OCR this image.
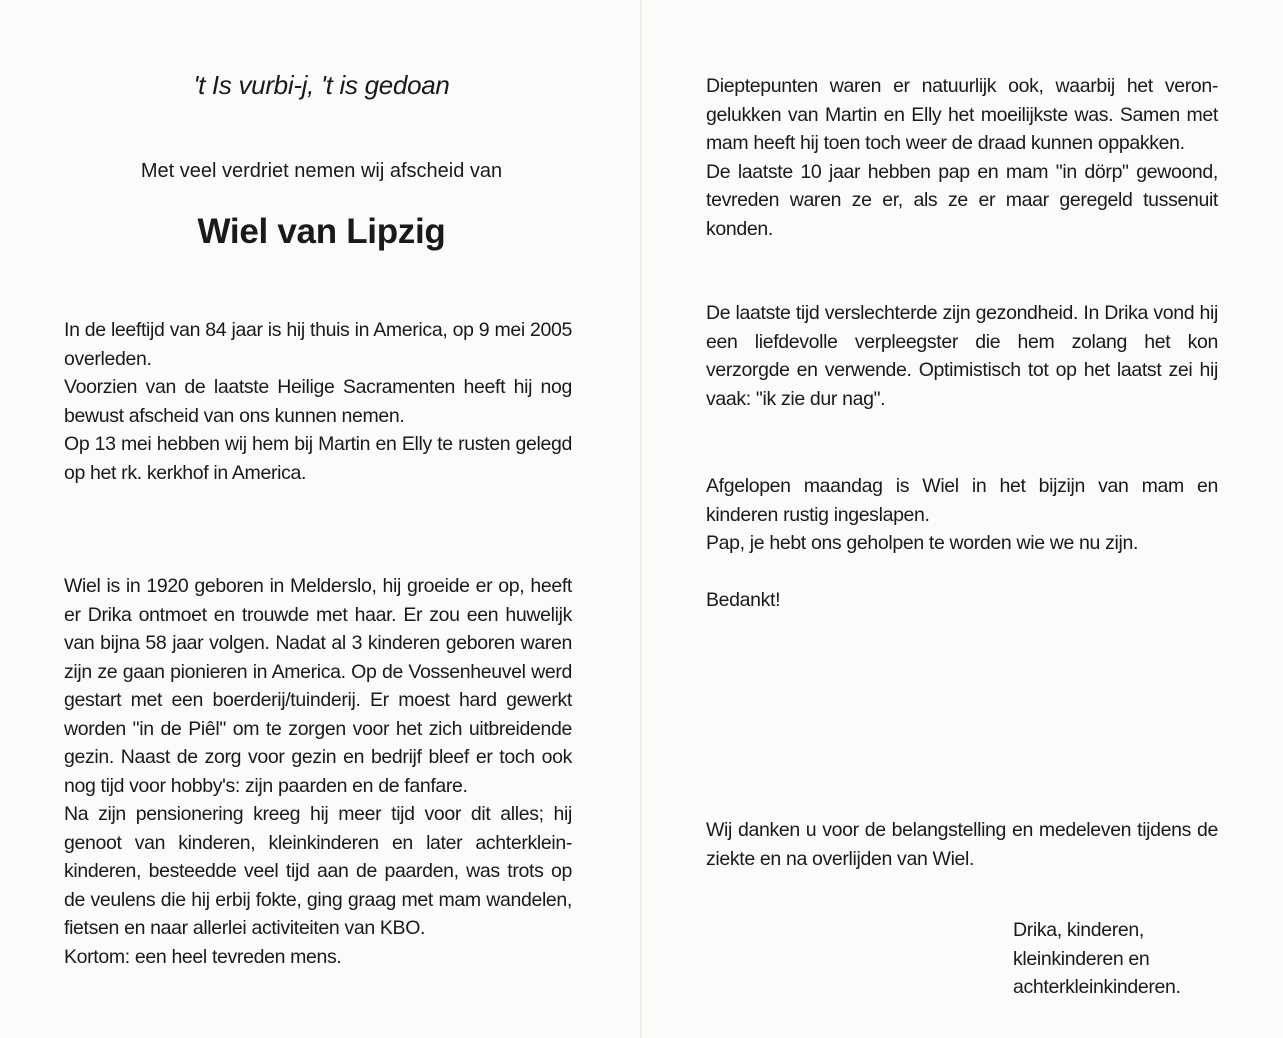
't Is vurbi-j, 't is gedoan
Met veel verdriet nemen wij afscheid van
Wiel van Lipzig
In de leeftijd van 84 jaar is hij thuis in America, op 9 mei 2005 overleden.
Voorzien van de laatste Heilige Sacramenten heeft hij nog bewust afscheid van ons kunnen nemen.
Op 13 mei hebben wij hem bij Martin en Elly te rusten gelegd op het rk. kerkhof in America.
Wiel is in 1920 geboren in Melderslo, hij groeide er op, heeft er Drika ontmoet en trouwde met haar. Er zou een huwelijk van bijna 58 jaar volgen. Nadat al 3 kinderen geboren waren zijn ze gaan pionieren in America. Op de Vossenheuvel werd gestart met een boerderij/tuinderij. Er moest hard gewerkt worden "in de Piêl" om te zorgen voor het zich uitbreidende gezin. Naast de zorg voor gezin en bedrijf bleef er toch ook nog tijd voor hobby's: zijn paarden en de fanfare.
Na zijn pensionering kreeg hij meer tijd voor dit alles; hij genoot van kinderen, kleinkinderen en later achterklein-kinderen, besteedde veel tijd aan de paarden, was trots op de veulens die hij erbij fokte, ging graag met mam wandelen, fietsen en naar allerlei activiteiten van KBO.
Kortom: een heel tevreden mens.
Dieptepunten waren er natuurlijk ook, waarbij het veron-gelukken van Martin en Elly het moeilijkste was. Samen met mam heeft hij toen toch weer de draad kunnen oppakken.
De laatste 10 jaar hebben pap en mam "in dörp" gewoond, tevreden waren ze er, als ze er maar geregeld tussenuit konden.
De laatste tijd verslechterde zijn gezondheid. In Drika vond hij een liefdevolle verpleegster die hem zolang het kon verzorgde en verwende. Optimistisch tot op het laatst zei hij vaak: "ik zie dur nag".
Afgelopen maandag is Wiel in het bijzijn van mam en kinderen rustig ingeslapen.
Pap, je hebt ons geholpen te worden wie we nu zijn.
Bedankt!
Wij danken u voor de belangstelling en medeleven tijdens de ziekte en na overlijden van Wiel.
Drika, kinderen,
kleinkinderen en
achterkleinkinderen.
